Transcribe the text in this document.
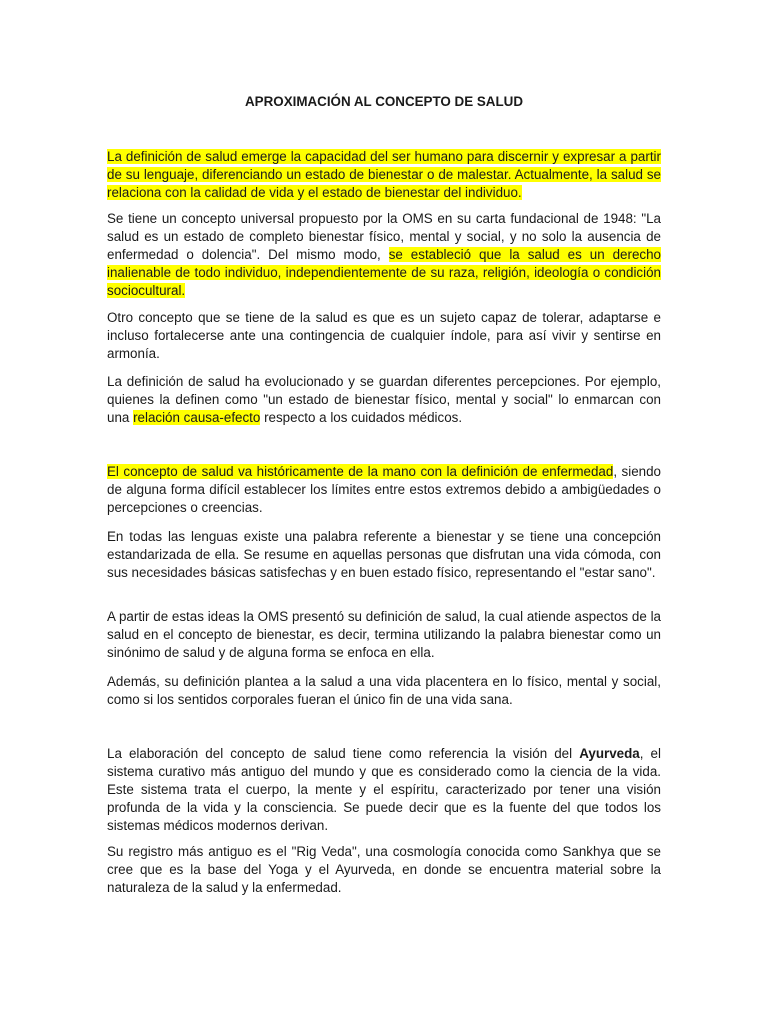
APROXIMACIÓN AL CONCEPTO DE SALUD

La definición de salud emerge la capacidad del ser humano para discernir y expresar a partir de su lenguaje, diferenciando un estado de bienestar o de malestar. Actualmente, la salud se relaciona con la calidad de vida y el estado de bienestar del individuo.

Se tiene un concepto universal propuesto por la OMS en su carta fundacional de 1948: "La salud es un estado de completo bienestar físico, mental y social, y no solo la ausencia de enfermedad o dolencia". Del mismo modo, se estableció que la salud es un derecho inalienable de todo individuo, independientemente de su raza, religión, ideología o condición sociocultural.

Otro concepto que se tiene de la salud es que es un sujeto capaz de tolerar, adaptarse e incluso fortalecerse ante una contingencia de cualquier índole, para así vivir y sentirse en armonía.

La definición de salud ha evolucionado y se guardan diferentes percepciones. Por ejemplo, quienes la definen como "un estado de bienestar físico, mental y social" lo enmarcan con una relación causa-efecto respecto a los cuidados médicos.

El concepto de salud va históricamente de la mano con la definición de enfermedad, siendo de alguna forma difícil establecer los límites entre estos extremos debido a ambigüedades o percepciones o creencias.

En todas las lenguas existe una palabra referente a bienestar y se tiene una concepción estandarizada de ella. Se resume en aquellas personas que disfrutan una vida cómoda, con sus necesidades básicas satisfechas y en buen estado físico, representando el "estar sano".

A partir de estas ideas la OMS presentó su definición de salud, la cual atiende aspectos de la salud en el concepto de bienestar, es decir, termina utilizando la palabra bienestar como un sinónimo de salud y de alguna forma se enfoca en ella.

Además, su definición plantea a la salud a una vida placentera en lo físico, mental y social, como si los sentidos corporales fueran el único fin de una vida sana.

La elaboración del concepto de salud tiene como referencia la visión del Ayurveda, el sistema curativo más antiguo del mundo y que es considerado como la ciencia de la vida. Este sistema trata el cuerpo, la mente y el espíritu, caracterizado por tener una visión profunda de la vida y la consciencia. Se puede decir que es la fuente del que todos los sistemas médicos modernos derivan.

Su registro más antiguo es el "Rig Veda", una cosmología conocida como Sankhya que se cree que es la base del Yoga y el Ayurveda, en donde se encuentra material sobre la naturaleza de la salud y la enfermedad.
